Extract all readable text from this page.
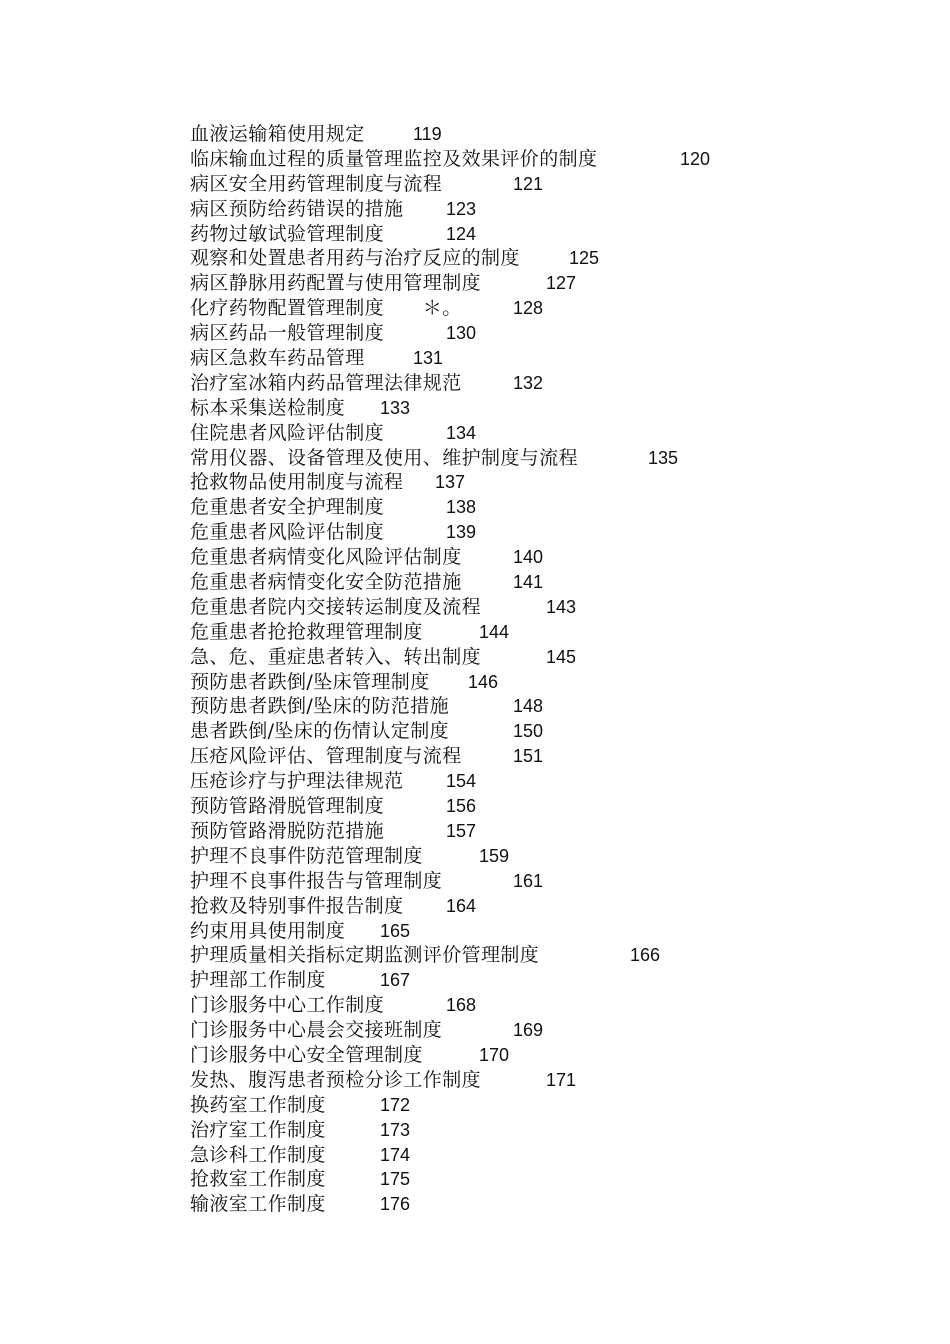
血液运输箱使用规定	119
临床输血过程的质量管理监控及效果评价的制度	120
病区安全用药管理制度与流程	121
病区预防给药错误的措施 123
药物过敏试验管理制度	124
观察和处置患者用药与治疗反应的制度	125
病区静脉用药配置与使用管理制度	127
化疗药物配置管理制度　　＊。	128
病区药品一般管理制度	130
病区急救车药品管理	131
治疗室冰箱内药品管理法律规范	132
标本采集送检制度 133
住院患者风险评估制度	134
常用仪器、设备管理及使用、维护制度与流程	135
抢救物品使用制度与流程 137
危重患者安全护理制度	138
危重患者风险评估制度	139
危重患者病情变化风险评估制度	140
危重患者病情变化安全防范措施	141
危重患者院内交接转运制度及流程	143
危重患者抢抢救理管理制度	144
急、危、重症患者转入、转出制度	145
预防患者跌倒/坠床管理制度 146
预防患者跌倒/坠床的防范措施	148
患者跌倒/坠床的伤情认定制度	150
压疮风险评估、管理制度与流程	151
压疮诊疗与护理法律规范 154
预防管路滑脱管理制度	156
预防管路滑脱防范措施	157
护理不良事件防范管理制度	159
护理不良事件报告与管理制度	161
抢救及特别事件报告制度 164
约束用具使用制度 165
护理质量相关指标定期监测评价管理制度	166
护理部工作制度	167
门诊服务中心工作制度	168
门诊服务中心晨会交接班制度	169
门诊服务中心安全管理制度	170
发热、腹泻患者预检分诊工作制度	171
换药室工作制度	172
治疗室工作制度	173
急诊科工作制度	174
抢救室工作制度	175
输液室工作制度	176
